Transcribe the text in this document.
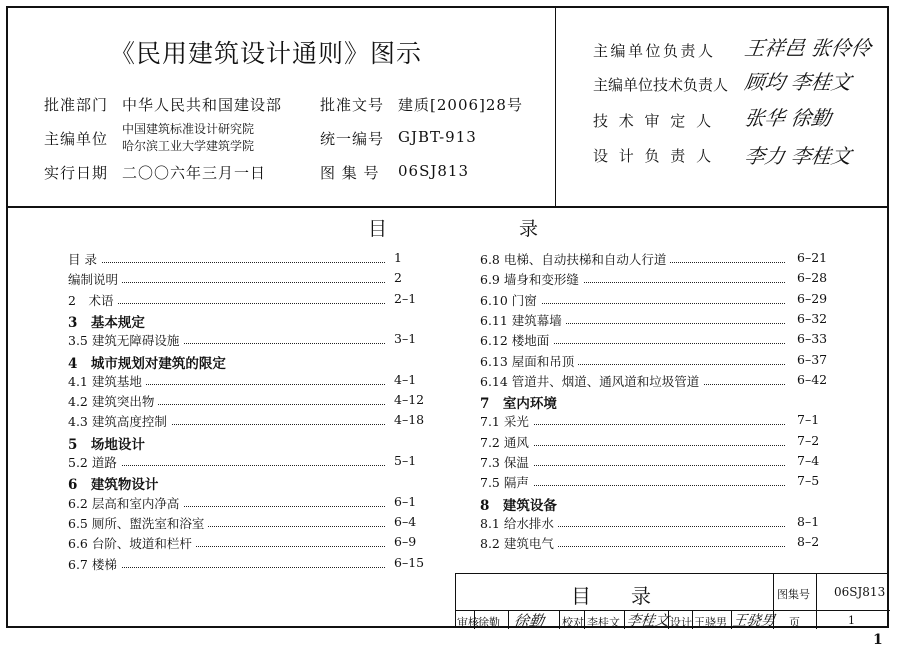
《民用建筑设计通则》图示
批准部门 中华人民共和国建设部	批准文号 建质[2006]28号
主编单位
中国建筑标准设计研究院
哈尔滨工业大学建筑学院	统一编号 GJBT-913
实行日期 二〇〇六年三月一日	图 集 号 06SJ813
主编单位负责人 王祥邑 张伶伶
主编单位技术负责人 顾均 李桂文
技 术 审 定 人 张华 徐勤
设 计 负 责 人 李力 李桂文
目	录
目 录	1
编制说明	2
2　术语	2–1
3　基本规定
3.5 建筑无障碍设施	3–1
4　城市规划对建筑的限定
4.1 建筑基地	4–1
4.2 建筑突出物	4–12
4.3 建筑高度控制	4–18
5　场地设计
5.2 道路	5–1
6　建筑物设计
6.2 层高和室内净高	6–1
6.5 厕所、盥洗室和浴室	6–4
6.6 台阶、坡道和栏杆	6–9
6.7 楼梯	6–15
6.8 电梯、自动扶梯和自动人行道	6–21
6.9 墙身和变形缝	6–28
6.10 门窗	6–29
6.11 建筑幕墙	6–32
6.12 楼地面	6–33
6.13 屋面和吊顶	6–37
6.14 管道井、烟道、通风道和垃圾管道	6–42
7　室内环境
7.1 采光	7–1
7.2 通风	7–2
7.3 保温	7–4
7.5 隔声	7–5
8　建筑设备
8.1 给水排水	8–1
8.2 建筑电气	8–2
目　　录	图集号 06SJ813
审核 徐勤 徐勤 校对 李桂文 李桂文 设计 王骁男 王骁男 页	1
1
